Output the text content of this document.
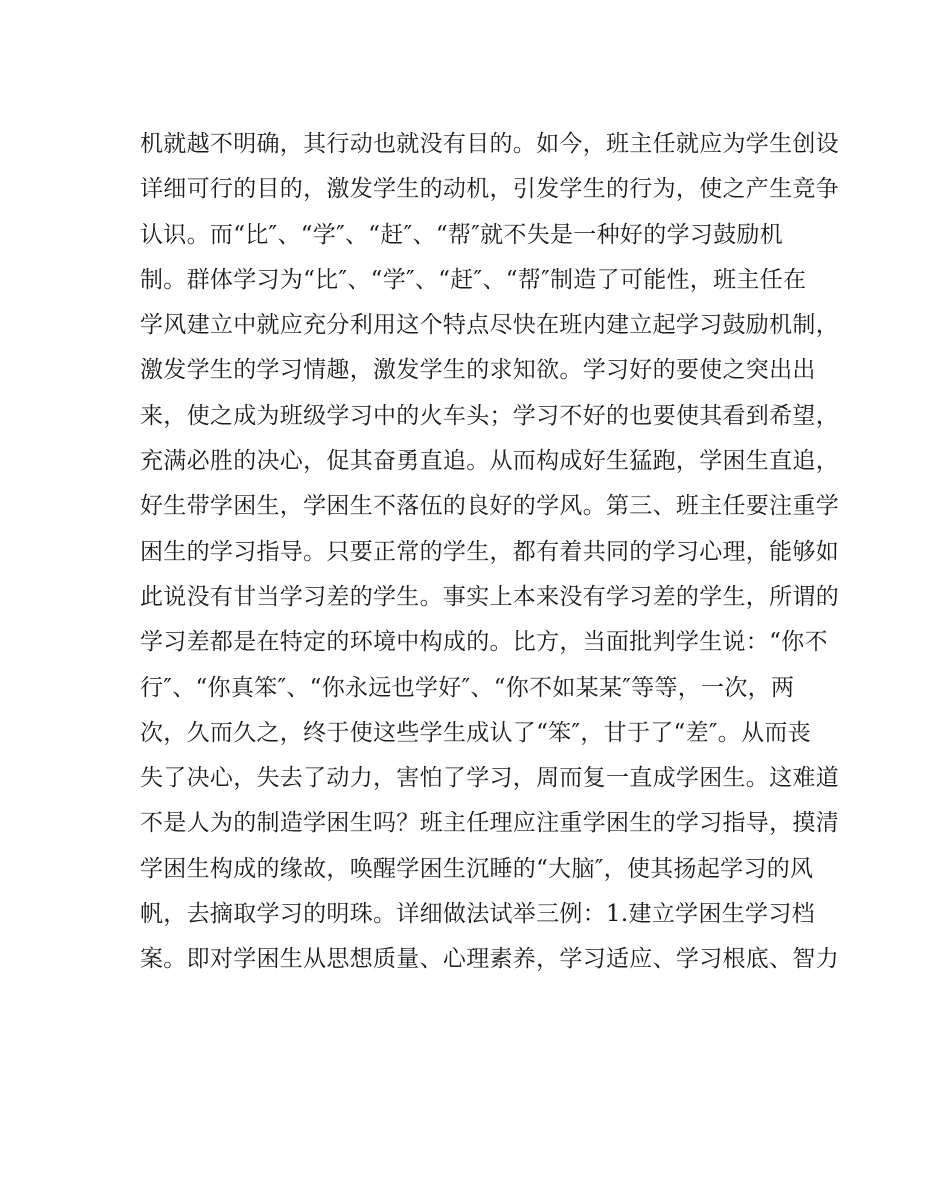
机就越不明确，其行动也就没有目的。如今，班主任就应为学生创设
详细可行的目的，激发学生的动机，引发学生的行为，使之产生竞争
认识。而“比″、“学″、“赶″、“帮″就不失是一种好的学习鼓励机
制。群体学习为“比″、“学″、“赶″、“帮″制造了可能性，班主任在
学风建立中就应充分利用这个特点尽快在班内建立起学习鼓励机制，
激发学生的学习情趣，激发学生的求知欲。学习好的要使之突出出
来，使之成为班级学习中的火车头；学习不好的也要使其看到希望，
充满必胜的决心，促其奋勇直追。从而构成好生猛跑，学困生直追，
好生带学困生，学困生不落伍的良好的学风。第三、班主任要注重学
困生的学习指导。只要正常的学生，都有着共同的学习心理，能够如
此说没有甘当学习差的学生。事实上本来没有学习差的学生，所谓的
学习差都是在特定的环境中构成的。比方，当面批判学生说：“你不
行″、“你真笨″、“你永远也学好″、“你不如某某″等等，一次，两
次，久而久之，终于使这些学生成认了“笨″，甘于了“差″。从而丧
失了决心，失去了动力，害怕了学习，周而复一直成学困生。这难道
不是人为的制造学困生吗？班主任理应注重学困生的学习指导，摸清
学困生构成的缘故，唤醒学困生沉睡的“大脑″，使其扬起学习的风
帆，去摘取学习的明珠。详细做法试举三例：1.建立学困生学习档
案。即对学困生从思想质量、心理素养，学习适应、学习根底、智力
